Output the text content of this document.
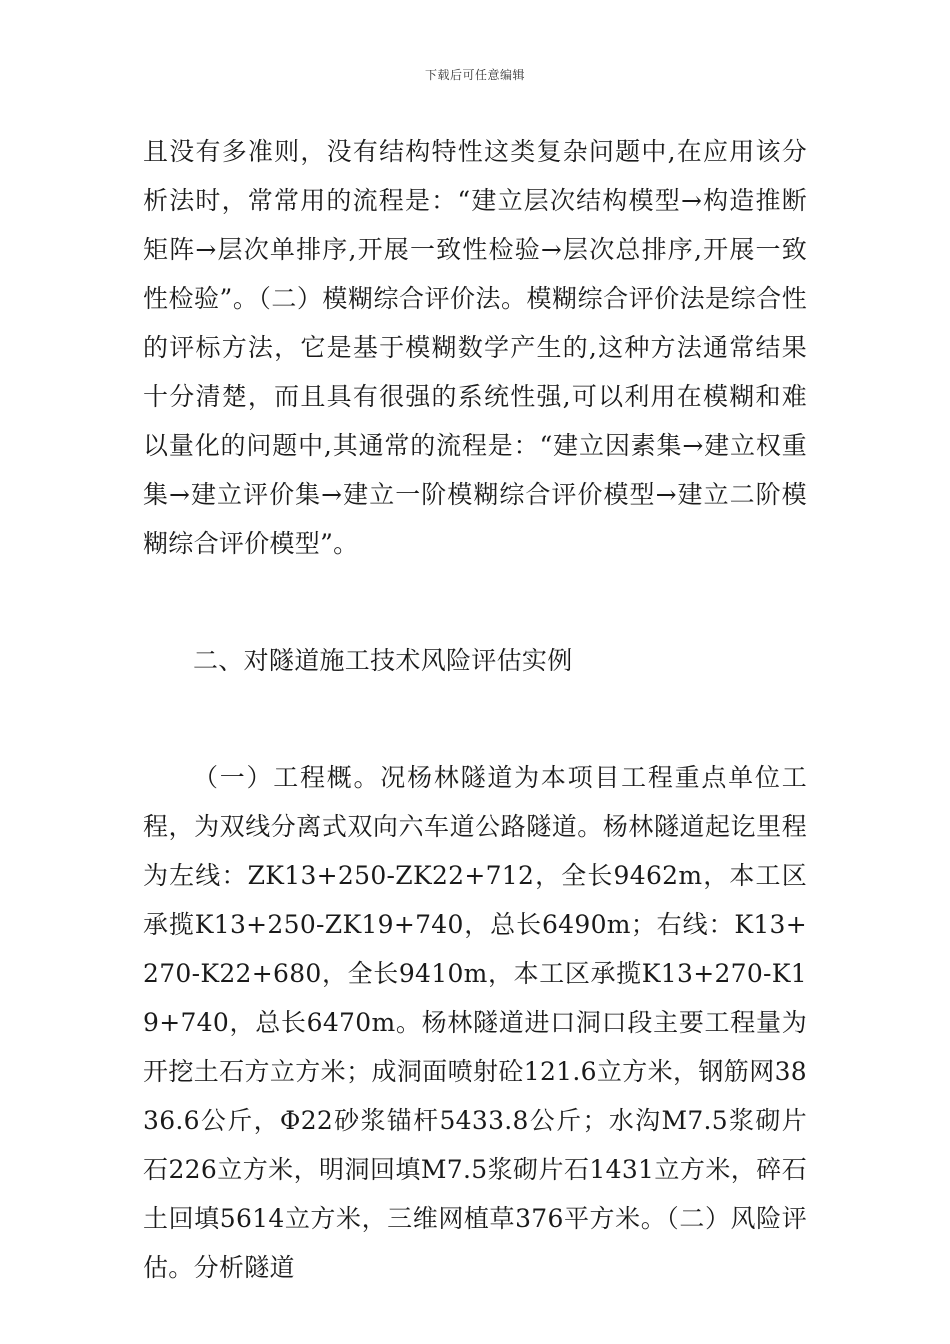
下载后可任意编辑

且没有多准则，没有结构特性这类复杂问题中,在应用该分析法时，常常用的流程是：“建立层次结构模型→构造推断矩阵→层次单排序,开展一致性检验→层次总排序,开展一致性检验”。（二）模糊综合评价法。模糊综合评价法是综合性的评标方法，它是基于模糊数学产生的,这种方法通常结果十分清楚，而且具有很强的系统性强,可以利用在模糊和难以量化的问题中,其通常的流程是：“建立因素集→建立权重集→建立评价集→建立一阶模糊综合评价模型→建立二阶模糊综合评价模型”。

二、对隧道施工技术风险评估实例

（一）工程概。况杨林隧道为本项目工程重点单位工程，为双线分离式双向六车道公路隧道。杨林隧道起讫里程为左线：ZK13+250-ZK22+712，全长9462m，本工区承揽K13+250-ZK19+740，总长6490m；右线：K13+270-K22+680，全长9410m，本工区承揽K13+270-K19+740，总长6470m。杨林隧道进口洞口段主要工程量为开挖土石方立方米；成洞面喷射砼121.6立方米，钢筋网3836.6公斤，Φ22砂浆锚杆5433.8公斤；水沟M7.5浆砌片石226立方米，明洞回填M7.5浆砌片石1431立方米，碎石土回填5614立方米，三维网植草376平方米。（二）风险评估。分析隧道
